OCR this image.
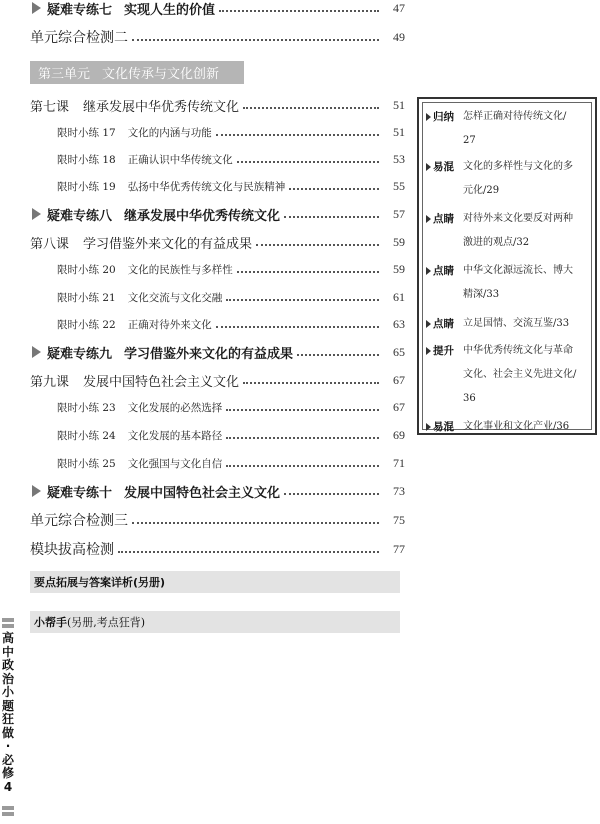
疑难专练七 实现人生的价值	47
单元综合检测二	49
第三单元 文化传承与文化创新
第七课 继承发展中华优秀传统文化	51
限时小练 17 文化的内涵与功能	51
限时小练 18 正确认识中华传统文化	53
限时小练 19 弘扬中华优秀传统文化与民族精神	55
疑难专练八 继承发展中华优秀传统文化	57
第八课 学习借鉴外来文化的有益成果	59
限时小练 20 文化的民族性与多样性	59
限时小练 21 文化交流与文化交融	61
限时小练 22 正确对待外来文化	63
疑难专练九 学习借鉴外来文化的有益成果	65
第九课 发展中国特色社会主义文化	67
限时小练 23 文化发展的必然选择	67
限时小练 24 文化发展的基本路径	69
限时小练 25 文化强国与文化自信	71
疑难专练十 发展中国特色社会主义文化	73
单元综合检测三	75
模块拔高检测	77
要点拓展与答案详析(另册)
小帮手 (另册,考点狂背)
归纳 怎样正确对待传统文化/
27
易混 文化的多样性与文化的多
元化/29
点睛 对待外来文化要反对两种
激进的观点/32
点睛 中华文化源远流长、博大
精深/33
点睛 立足国情、交流互鉴/33
提升 中华优秀传统文化与革命
文化、社会主义先进文化/
36
易混 文化事业和文化产业/36
高中政治小题狂做·必修4
